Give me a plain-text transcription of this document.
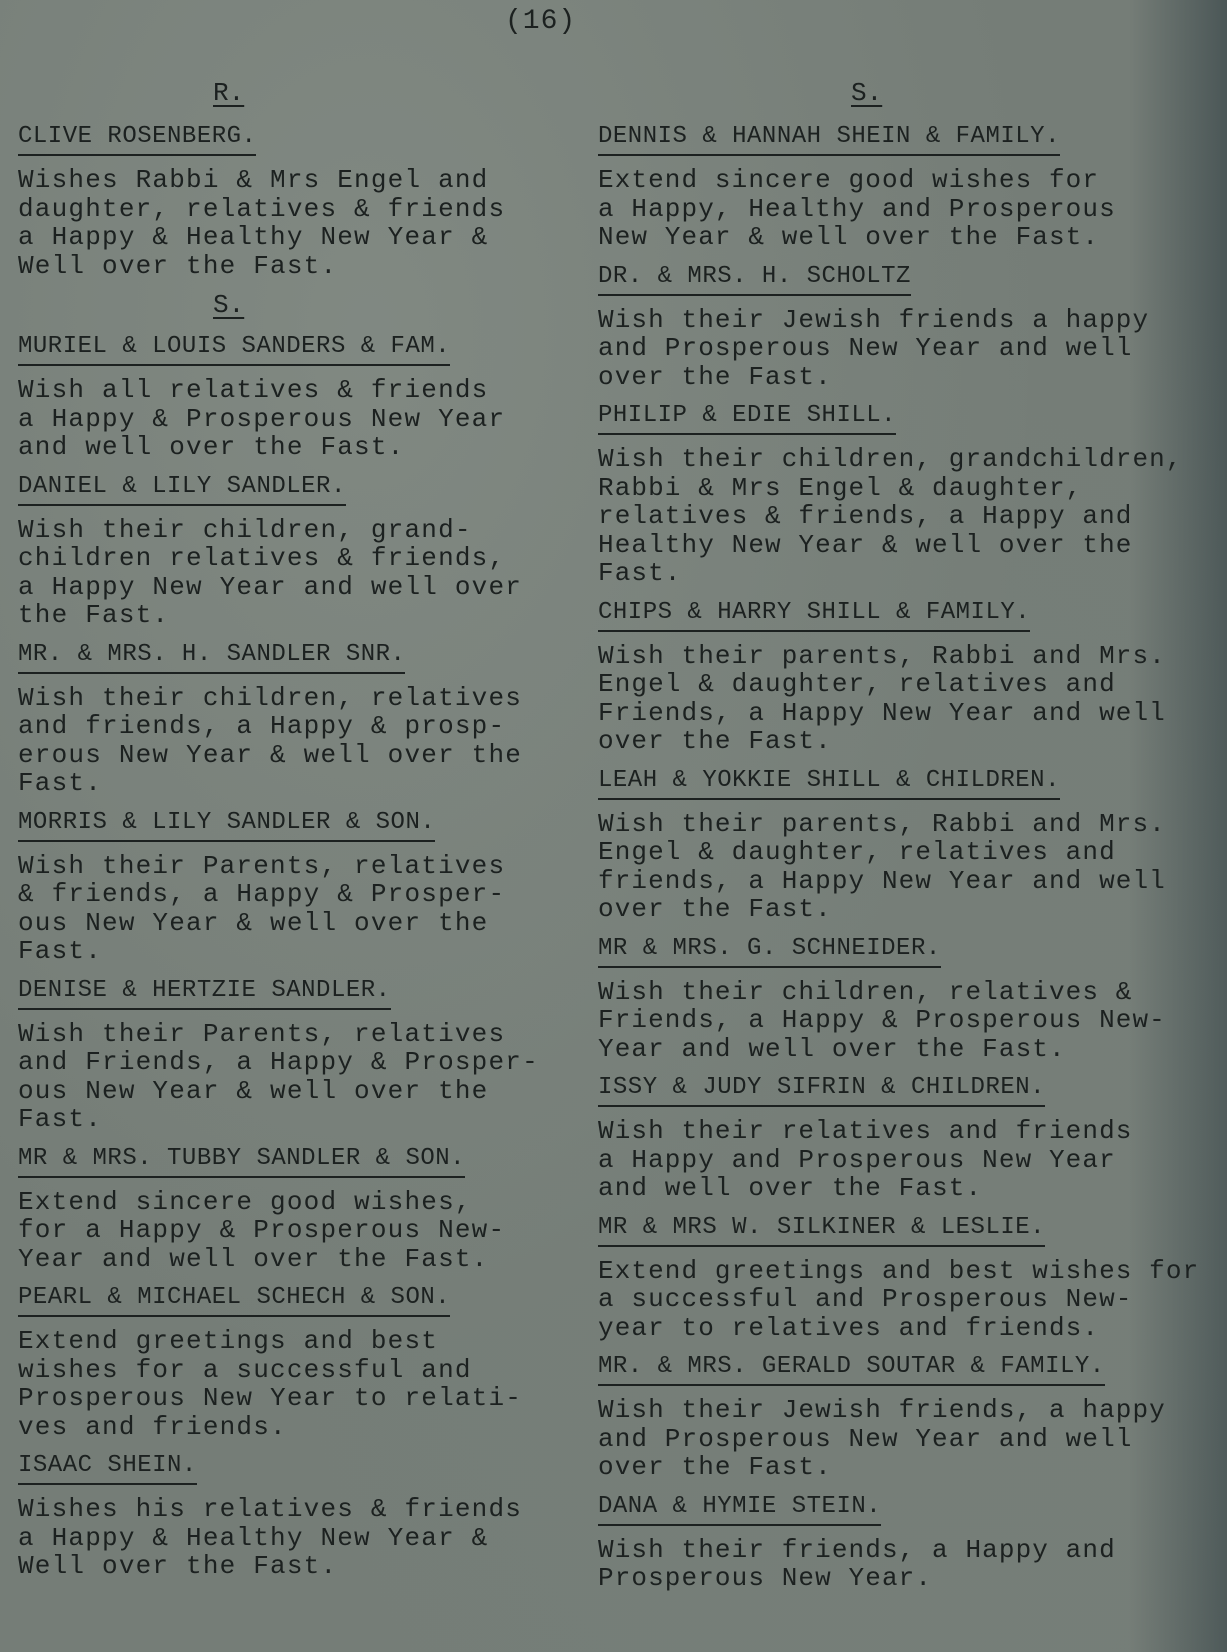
(16)
R.
CLIVE ROSENBERG.
Wishes Rabbi & Mrs Engel and
daughter, relatives & friends
a Happy & Healthy New Year &
Well over the Fast.
S.
MURIEL & LOUIS SANDERS & FAM.
Wish all relatives & friends
a Happy & Prosperous New Year
and well over the Fast.
DANIEL & LILY SANDLER.
Wish their children, grand-
children relatives & friends,
a Happy New Year and well over
the Fast.
MR. & MRS. H. SANDLER SNR.
Wish their children, relatives
and friends, a Happy & prosp-
erous New Year & well over the
Fast.
MORRIS & LILY SANDLER & SON.
Wish their Parents, relatives
& friends, a Happy & Prosper-
ous New Year & well over the
Fast.
DENISE & HERTZIE SANDLER.
Wish their Parents, relatives
and Friends, a Happy & Prosper-
ous New Year & well over the
Fast.
MR & MRS. TUBBY SANDLER & SON.
Extend sincere good wishes,
for a Happy & Prosperous New-
Year and well over the Fast.
PEARL & MICHAEL SCHECH & SON.
Extend greetings and best
wishes for a successful and
Prosperous New Year to relati-
ves and friends.
ISAAC SHEIN.
Wishes his relatives & friends
a Happy & Healthy New Year &
Well over the Fast.
S.
DENNIS & HANNAH SHEIN & FAMILY.
Extend sincere good wishes for
a Happy, Healthy and Prosperous
New Year & well over the Fast.
DR. & MRS. H. SCHOLTZ
Wish their Jewish friends a happy
and Prosperous New Year and well
over the Fast.
PHILIP & EDIE SHILL.
Wish their children, grandchildren,
Rabbi & Mrs Engel & daughter,
relatives & friends, a Happy and
Healthy New Year & well over the
Fast.
CHIPS & HARRY SHILL & FAMILY.
Wish their parents, Rabbi and Mrs.
Engel & daughter, relatives and
Friends, a Happy New Year and well
over the Fast.
LEAH & YOKKIE SHILL & CHILDREN.
Wish their parents, Rabbi and Mrs.
Engel & daughter, relatives and
friends, a Happy New Year and well
over the Fast.
MR & MRS. G. SCHNEIDER.
Wish their children, relatives &
Friends, a Happy & Prosperous New-
Year and well over the Fast.
ISSY & JUDY SIFRIN & CHILDREN.
Wish their relatives and friends
a Happy and Prosperous New Year
and well over the Fast.
MR & MRS W. SILKINER & LESLIE.
Extend greetings and best wishes for
a successful and Prosperous New-
year to relatives and friends.
MR. & MRS. GERALD SOUTAR & FAMILY.
Wish their Jewish friends, a happy
and Prosperous New Year and well
over the Fast.
DANA & HYMIE STEIN.
Wish their friends, a Happy and
Prosperous New Year.
